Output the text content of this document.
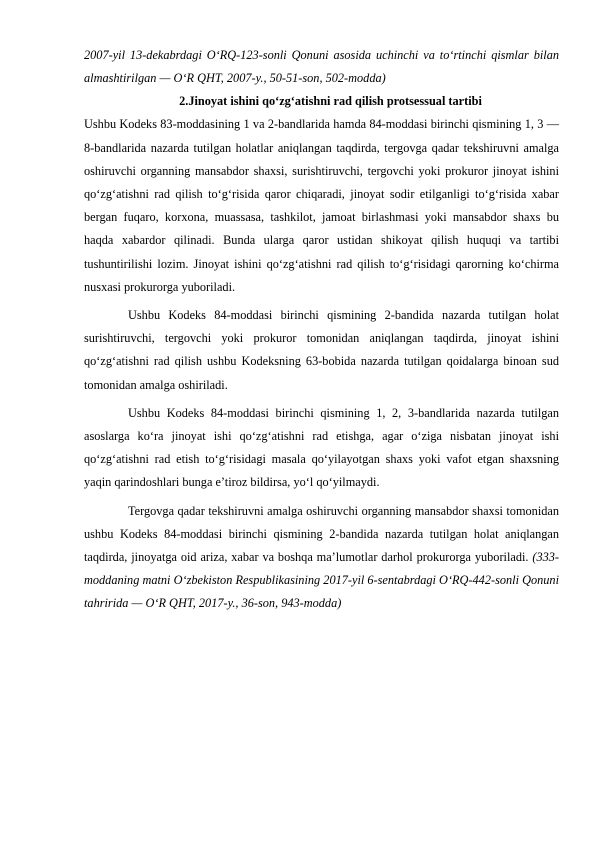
2007-yil 13-dekabrdagi O‘RQ-123-sonli Qonuni asosida uchinchi va to‘rtinchi qismlar bilan almashtirilgan — O‘R QHT, 2007-y., 50-51-son, 502-modda)

2.Jinoyat ishini qo‘zg‘atishni rad qilish protsessual tartibi

Ushbu Kodeks 83-moddasining 1 va 2-bandlarida hamda 84-moddasi birinchi qismining 1, 3 — 8-bandlarida nazarda tutilgan holatlar aniqlangan taqdirda, tergovga qadar tekshiruvni amalga oshiruvchi organning mansabdor shaxsi, surishtiruvchi, tergovchi yoki prokuror jinoyat ishini qo‘zg‘atishni rad qilish to‘g‘risida qaror chiqaradi, jinoyat sodir etilganligi to‘g‘risida xabar bergan fuqaro, korxona, muassasa, tashkilot, jamoat birlashmasi yoki mansabdor shaxs bu haqda xabardor qilinadi. Bunda ularga qaror ustidan shikoyat qilish huquqi va tartibi tushuntirilishi lozim. Jinoyat ishini qo‘zg‘atishni rad qilish to‘g‘risidagi qarorning ko‘chirma nusxasi prokurorga yuboriladi.

Ushbu Kodeks 84-moddasi birinchi qismining 2-bandida nazarda tutilgan holat surishtiruvchi, tergovchi yoki prokuror tomonidan aniqlangan taqdirda, jinoyat ishini qo‘zg‘atishni rad qilish ushbu Kodeksning 63-bobida nazarda tutilgan qoidalarga binoan sud tomonidan amalga oshiriladi.

Ushbu Kodeks 84-moddasi birinchi qismining 1, 2, 3-bandlarida nazarda tutilgan asoslarga ko‘ra jinoyat ishi qo‘zg‘atishni rad etishga, agar o‘ziga nisbatan jinoyat ishi qo‘zg‘atishni rad etish to‘g‘risidagi masala qo‘yilayotgan shaxs yoki vafot etgan shaxsning yaqin qarindoshlari bunga e’tiroz bildirsa, yo‘l qo‘yilmaydi.

Tergovga qadar tekshiruvni amalga oshiruvchi organning mansabdor shaxsi tomonidan ushbu Kodeks 84-moddasi birinchi qismining 2-bandida nazarda tutilgan holat aniqlangan taqdirda, jinoyatga oid ariza, xabar va boshqa ma’lumotlar darhol prokurorga yuboriladi. (333-moddaning matni O‘zbekiston Respublikasining 2017-yil 6-sentabrdagi O‘RQ-442-sonli Qonuni tahririda — O‘R QHT, 2017-y., 36-son, 943-modda)
